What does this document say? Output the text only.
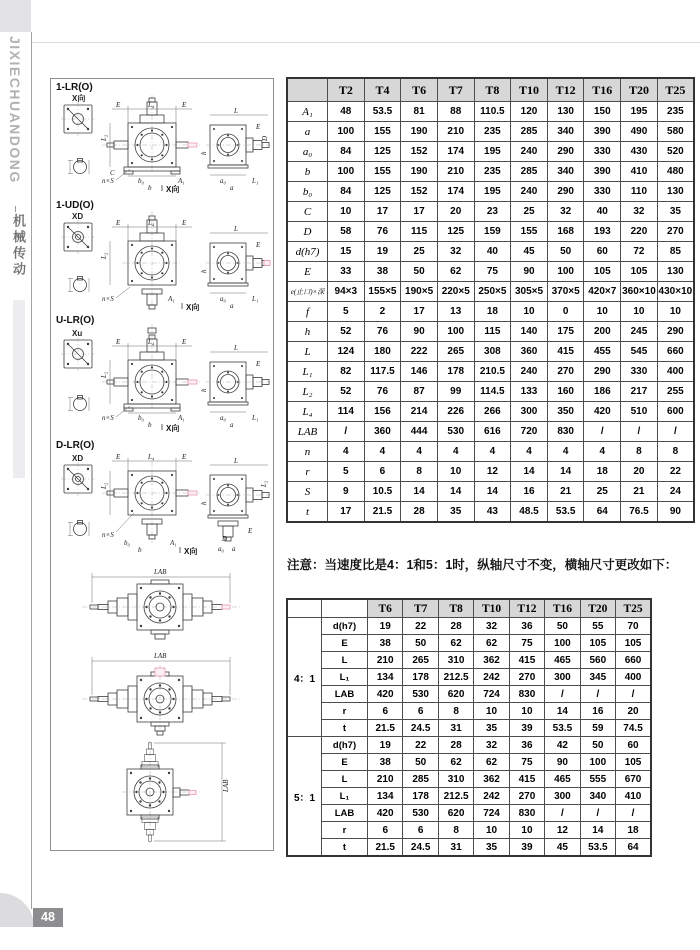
JIXIECHUANDONG
机械传动
48
1-LR(O)
X向
E	L₄	E
L₂
C
n×S	b₀
b
A₁
X向
L
E
D
h
a₀
a
L₁
1-UD(O)
XD
E	L₄	E
L₂
n×S	A₁
X向
L
E
h
a₀
a
L₁
U-LR(O)
Xu
E	L₄	E
L₂
n×S	b₀
b
A₁
X向
L
E
h
a₀
a
L₁
D-LR(O)
XD	E	L₄	E
L₂
n×S
b₀
b
A₁
X向
L
L₂
h
E
D
a₀ a
LAB
LAB
LAB
	T2	T4	T6	T7	T8	T10	T12	T16	T20	T25
A₁	48	53.5	81	88	110.5	120	130	150	195	235
a	100	155	190	210	235	285	340	390	490	580
a₀	84	125	152	174	195	240	290	330	430	520
b	100	155	190	210	235	285	340	390	410	480
b₀	84	125	152	174	195	240	290	330	110	130
C	10	17	17	20	23	25	32	40	32	35
D	58	76	115	125	159	155	168	193	220	270
d(h7)	15	19	25	32	40	45	50	60	72	85
E	33	38	50	62	75	90	100	105	105	130
e(止口)×深	94×3	155×5	190×5	220×5	250×5	305×5	370×5	420×7	360×10	430×10
f	5	2	17	13	18	10	0	10	10	10
h	52	76	90	100	115	140	175	200	245	290
L	124	180	222	265	308	360	415	455	545	660
L₁	82	117.5	146	178	210.5	240	270	290	330	400
L₂	52	76	87	99	114.5	133	160	186	217	255
L₄	114	156	214	226	266	300	350	420	510	600
LAB	/	360	444	530	616	720	830	/	/	/
n	4	4	4	4	4	4	4	4	8	8
r	5	6	8	10	12	14	14	18	20	22
S	9	10.5	14	14	14	16	21	25	21	24
t	17	21.5	28	35	43	48.5	53.5	64	76.5	90
注意：当速度比是4：1和5：1时，纵轴尺寸不变，横轴尺寸更改如下：
		T6	T7	T8	T10	T12	T16	T20	T25
4：1	d(h7)	19	22	28	32	36	50	55	70
	E	38	50	62	62	75	100	105	105
	L	210	265	310	362	415	465	560	660
	L₁	134	178	212.5	242	270	300	345	400
	LAB	420	530	620	724	830	/	/	/
	r	6	6	8	10	10	14	16	20
	t	21.5	24.5	31	35	39	53.5	59	74.5
5：1	d(h7)	19	22	28	32	36	42	50	60
	E	38	50	62	62	75	90	100	105
	L	210	285	310	362	415	465	555	670
	L₁	134	178	212.5	242	270	300	340	410
	LAB	420	530	620	724	830	/	/	/
	r	6	6	8	10	10	12	14	18
	t	21.5	24.5	31	35	39	45	53.5	64
